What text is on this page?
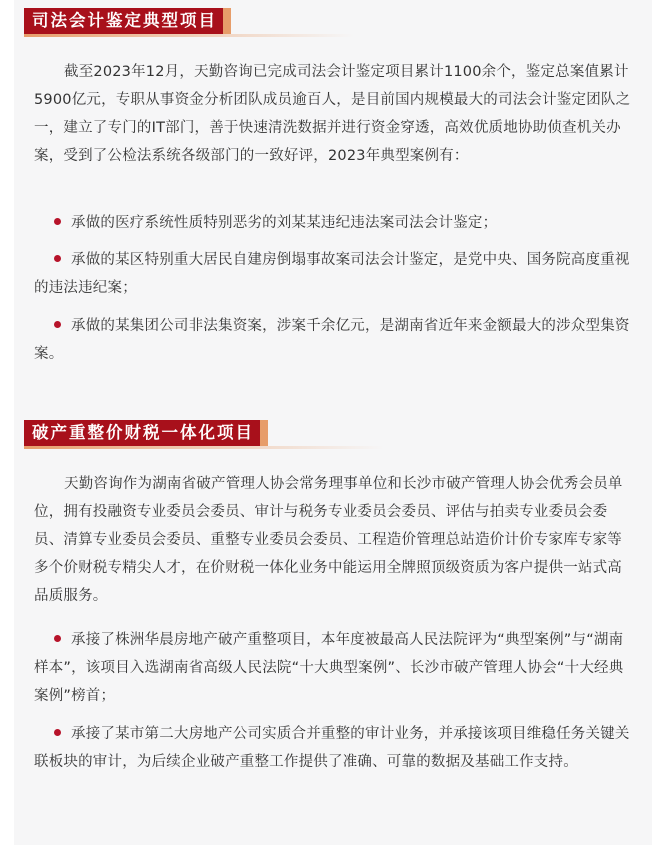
司法会计鉴定典型项目
截至2023年12月，天勤咨询已完成司法会计鉴定项目累计1100余个，鉴定总案值累计5900亿元，专职从事资金分析团队成员逾百人，是目前国内规模最大的司法会计鉴定团队之一，建立了专门的IT部门，善于快速清洗数据并进行资金穿透，高效优质地协助侦查机关办案，受到了公检法系统各级部门的一致好评，2023年典型案例有：
承做的医疗系统性质特别恶劣的刘某某违纪违法案司法会计鉴定；
承做的某区特别重大居民自建房倒塌事故案司法会计鉴定，是党中央、国务院高度重视的违法违纪案；
承做的某集团公司非法集资案，涉案千余亿元，是湖南省近年来金额最大的涉众型集资案。
破产重整价财税一体化项目
天勤咨询作为湖南省破产管理人协会常务理事单位和长沙市破产管理人协会优秀会员单位，拥有投融资专业委员会委员、审计与税务专业委员会委员、评估与拍卖专业委员会委员、清算专业委员会委员、重整专业委员会委员、工程造价管理总站造价计价专家库专家等多个价财税专精尖人才，在价财税一体化业务中能运用全牌照顶级资质为客户提供一站式高品质服务。
承接了株洲华晨房地产破产重整项目，本年度被最高人民法院评为“典型案例”与“湖南样本”，该项目入选湖南省高级人民法院“十大典型案例”、长沙市破产管理人协会“十大经典案例”榜首；
承接了某市第二大房地产公司实质合并重整的审计业务，并承接该项目维稳任务关键关联板块的审计，为后续企业破产重整工作提供了准确、可靠的数据及基础工作支持。
